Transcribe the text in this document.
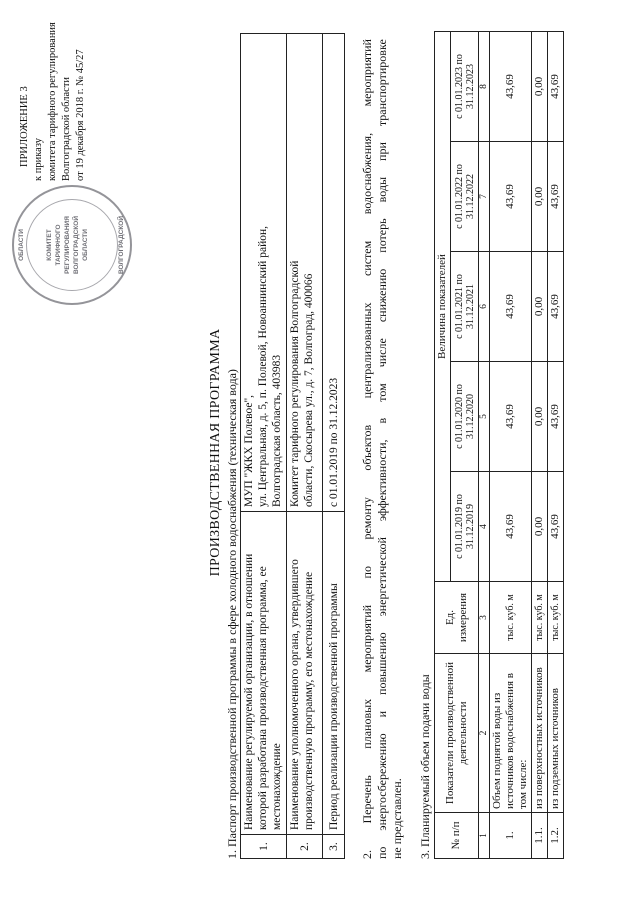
ОБЛАСТИ	ВОЛГОГРАДСКОЙ
КОМИТЕТ ТАРИФНОГО РЕГУЛИРОВАНИЯ ВОЛГОГРАДСКОЙ ОБЛАСТИ
ПРИЛОЖЕНИЕ 3 к приказу комитета тарифного регулирования Волгоградской области от 19 декабря 2018 г. № 45/27
ПРОИЗВОДСТВЕННАЯ ПРОГРАММА 1. Паспорт производственной программы в сфере холодного водоснабжения (техническая вода) 1.	Наименование регулируемой организации, в отношении которой разработана производственная программа, ее местонахождение	МУП "ЖКХ Полевое", ул. Центральная, д. 5, п. Полевой, Новоаннинский район, Волгоградская область, 403983

2.	Наименование уполномоченного органа, утвердившего производственную программу, его местонахождение	Комитет тарифного регулирования Волгоградской области, Скосырева ул., д. 7, Волгоград, 400066

3.	Период реализации производственной программы	с 01.01.2019 по 31.12.2023
2.
Перечень
плановых
мероприятий
по
ремонту
объектов
централизованных
систем
водоснабжения,
мероприятий
по
энергосбережению
и
повышению
энергетической
эффективности,
в
том
числе
снижению
потерь
воды
при
транспортировке
не представлен. 3. Планируемый объем подачи воды № п/п	Показатели производственной деятельности	Ед. измерения	Величина показателей				
			с 01.01.2019 по 31.12.2019	с 01.01.2020 по 31.12.2020	с 01.01.2021 по 31.12.2021	с 01.01.2022 по 31.12.2022	с 01.01.2023 по 31.12.2023
1	2	3	4	5	6	7	8
1.	Объем поднятой воды из источников водоснабжения в том числе:	тыс. куб. м	43,69	43,69	43,69	43,69	43,69
1.1.	из поверхностных источников	тыс. куб. м	0,00	0,00	0,00	0,00	0,00
1.2.	из подземных источников	тыс. куб. м	43,69	43,69	43,69	43,69	43,69
